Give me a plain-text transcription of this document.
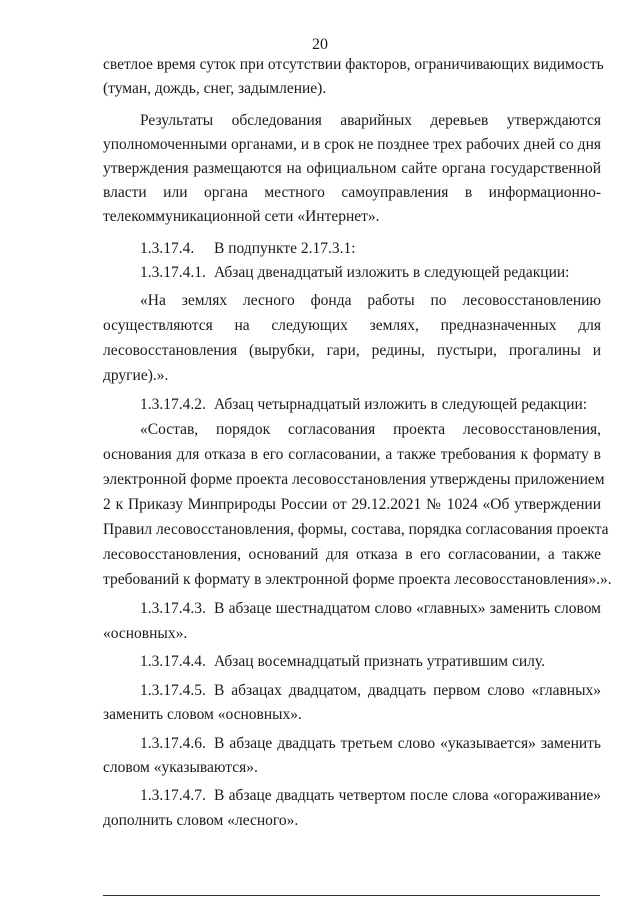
20
светлое время суток при отсутствии факторов, ограничивающих видимость
(туман, дождь, снег, задымление).
Результаты обследования аварийных деревьев утверждаются
уполномоченными органами, и в срок не позднее трех рабочих дней со дня
утверждения размещаются на официальном сайте органа государственной
власти или органа местного самоуправления в информационно-
телекоммуникационной сети «Интернет».
1.3.17.4.	В подпункте 2.17.3.1:
1.3.17.4.1. Абзац двенадцатый изложить в следующей редакции:
«На землях лесного фонда работы по лесовосстановлению
осуществляются на следующих землях, предназначенных для
лесовосстановления (вырубки, гари, редины, пустыри, прогалины и
другие).».
1.3.17.4.2. Абзац четырнадцатый изложить в следующей редакции:
«Состав, порядок согласования проекта лесовосстановления,
основания для отказа в его согласовании, а также требования к формату в
электронной форме проекта лесовосстановления утверждены приложением
2 к Приказу Минприроды России от 29.12.2021 № 1024 «Об утверждении
Правил лесовосстановления, формы, состава, порядка согласования проекта
лесовосстановления, оснований для отказа в его согласовании, а также
требований к формату в электронной форме проекта лесовосстановления».».
1.3.17.4.3. В абзаце шестнадцатом слово «главных» заменить словом
«основных».
1.3.17.4.4. Абзац восемнадцатый признать утратившим силу.
1.3.17.4.5. В абзацах двадцатом, двадцать первом слово «главных»
заменить словом «основных».
1.3.17.4.6. В абзаце двадцать третьем слово «указывается» заменить
словом «указываются».
1.3.17.4.7. В абзаце двадцать четвертом после слова «огораживание»
дополнить словом «лесного».
